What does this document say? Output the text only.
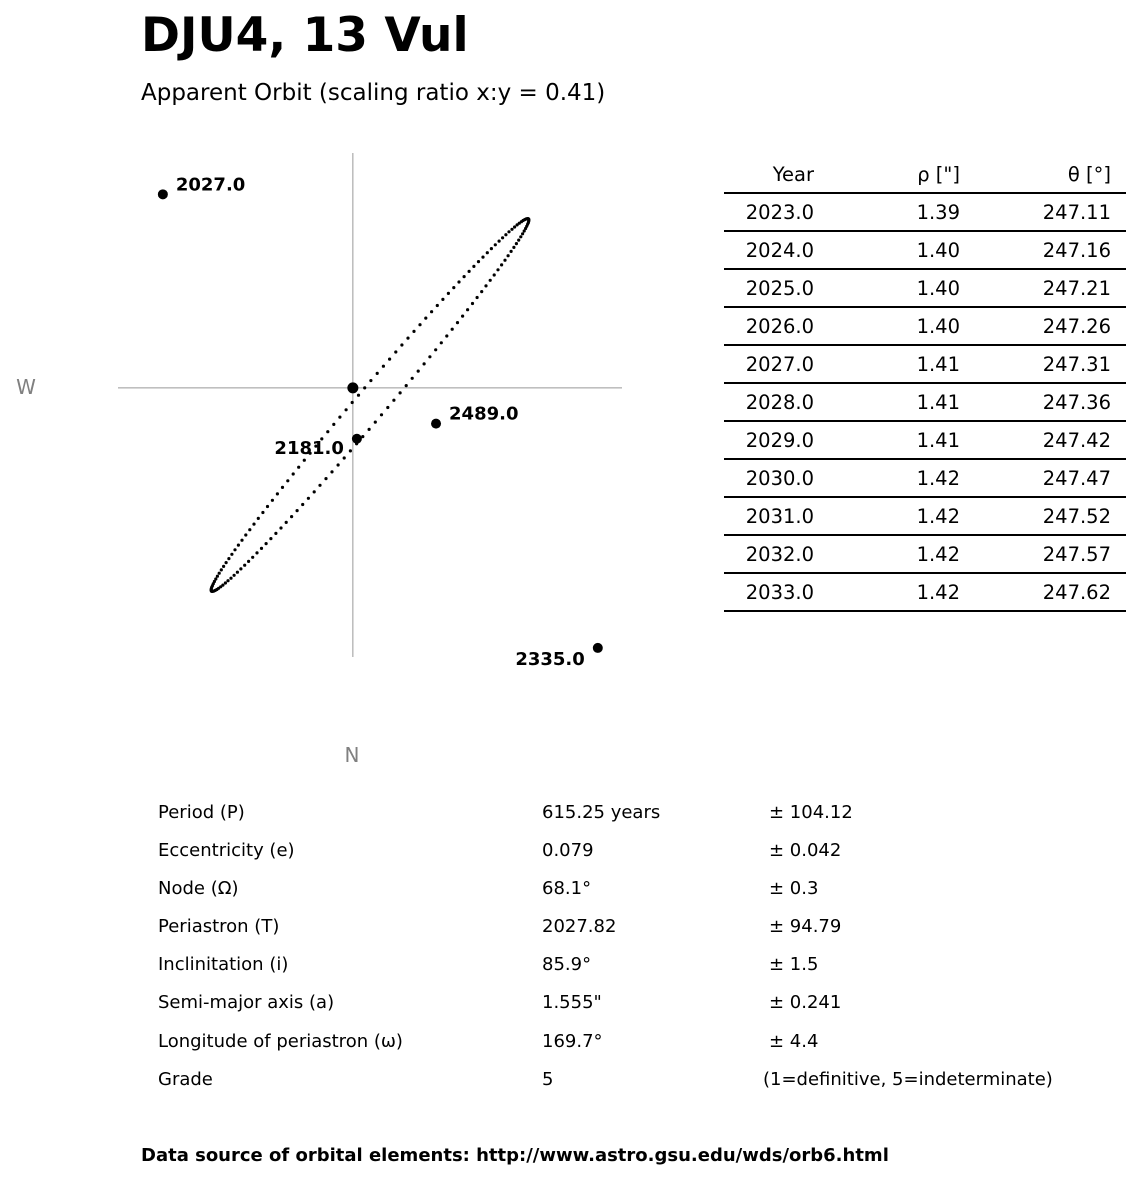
DJU4, 13 Vul
Apparent Orbit (scaling ratio x:y = 0.41)
2027.0
2181.0
2335.0
2489.0
W
N
Year	ρ ["]	θ [°]
2023.0	1.39	247.11
2024.0	1.40	247.16
2025.0	1.40	247.21
2026.0	1.40	247.26
2027.0	1.41	247.31
2028.0	1.41	247.36
2029.0	1.41	247.42
2030.0	1.42	247.47
2031.0	1.42	247.52
2032.0	1.42	247.57
2033.0	1.42	247.62
Period (P)	615.25 years	± 104.12
Eccentricity (e)	0.079	± 0.042
Node (Ω)	68.1°	± 0.3
Periastron (T)	2027.82	± 94.79
Inclinitation (i)	85.9°	± 1.5
Semi-major axis (a)	1.555"	± 0.241
Longitude of periastron (ω)	169.7°	± 4.4
Grade	5	(1=definitive, 5=indeterminate)
Data source of orbital elements: http://www.astro.gsu.edu/wds/orb6.html
